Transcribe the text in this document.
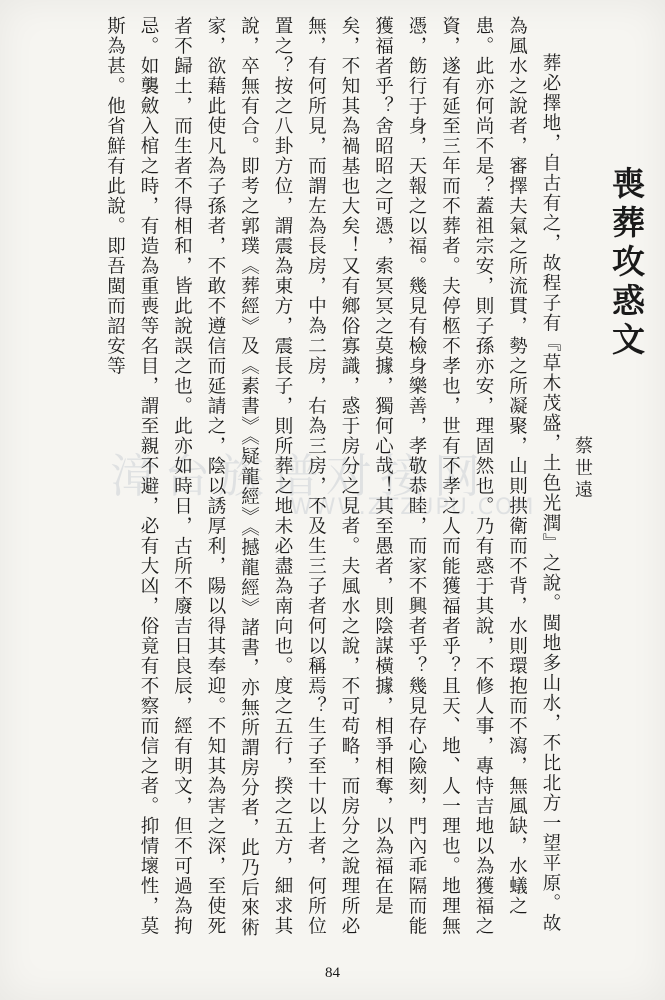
漳台族谱对接网
WWW.ZTZUPU.COM
喪葬攻惑文
蔡世遠

葬必擇地，自古有之，故程子有『草木茂盛，土色光潤』之說。閩地多山水，不比北方一望平原。故為風水之說者，審擇夫氣之所流貫，勢之所凝聚，山則拱衛而不背，水則環抱而不瀉，無風缺，水蟻之患。此亦何尚不是？蓋祖宗安，則子孫亦安，理固然也。乃有惑于其說，不修人事，專恃吉地以為獲福之資，遂有延至三年而不葬者。夫停柩不孝也，世有不孝之人而能獲福者乎？且天、地、人一理也。地理無憑，飭行于身，天報之以福。幾見有檢身樂善，孝敬恭睦，而家不興者乎？幾見存心險刻，門內乖隔而能獲福者乎？舍昭昭之可憑，索冥冥之莫據，獨何心哉！其至愚者，則陰謀橫據，相爭相奪，以為福在是矣，不知其為禍基也大矣！又有鄉俗寡識，惑于房分之見者。夫風水之說，不可苟略，而房分之說理所必無，有何所見，而謂左為長房，中為二房，右為三房，不及生三子者何以稱焉？生子至十以上者，何所位置之？按之八卦方位，謂震為東方，震長子，則所葬之地未必盡為南向也。度之五行，揆之五方，細求其說，卒無有合。即考之郭璞《葬經》及《素書》《疑龍經》《撼龍經》諸書，亦無所謂房分者，此乃后來術家，欲藉此使凡為子孫者，不敢不遵信而延請之，陰以誘厚利，陽以得其奉迎。不知其為害之深，至使死者不歸土，而生者不得相和，皆此說誤之也。此亦如時日，古所不廢吉日良辰，經有明文，但不可過為拘忌。如襲斂入棺之時，有造為重喪等名目，謂至親不避，必有大凶，俗竟有不察而信之者。抑情壞性，莫斯為甚。他省鮮有此說。即吾閩而詔安等

84
